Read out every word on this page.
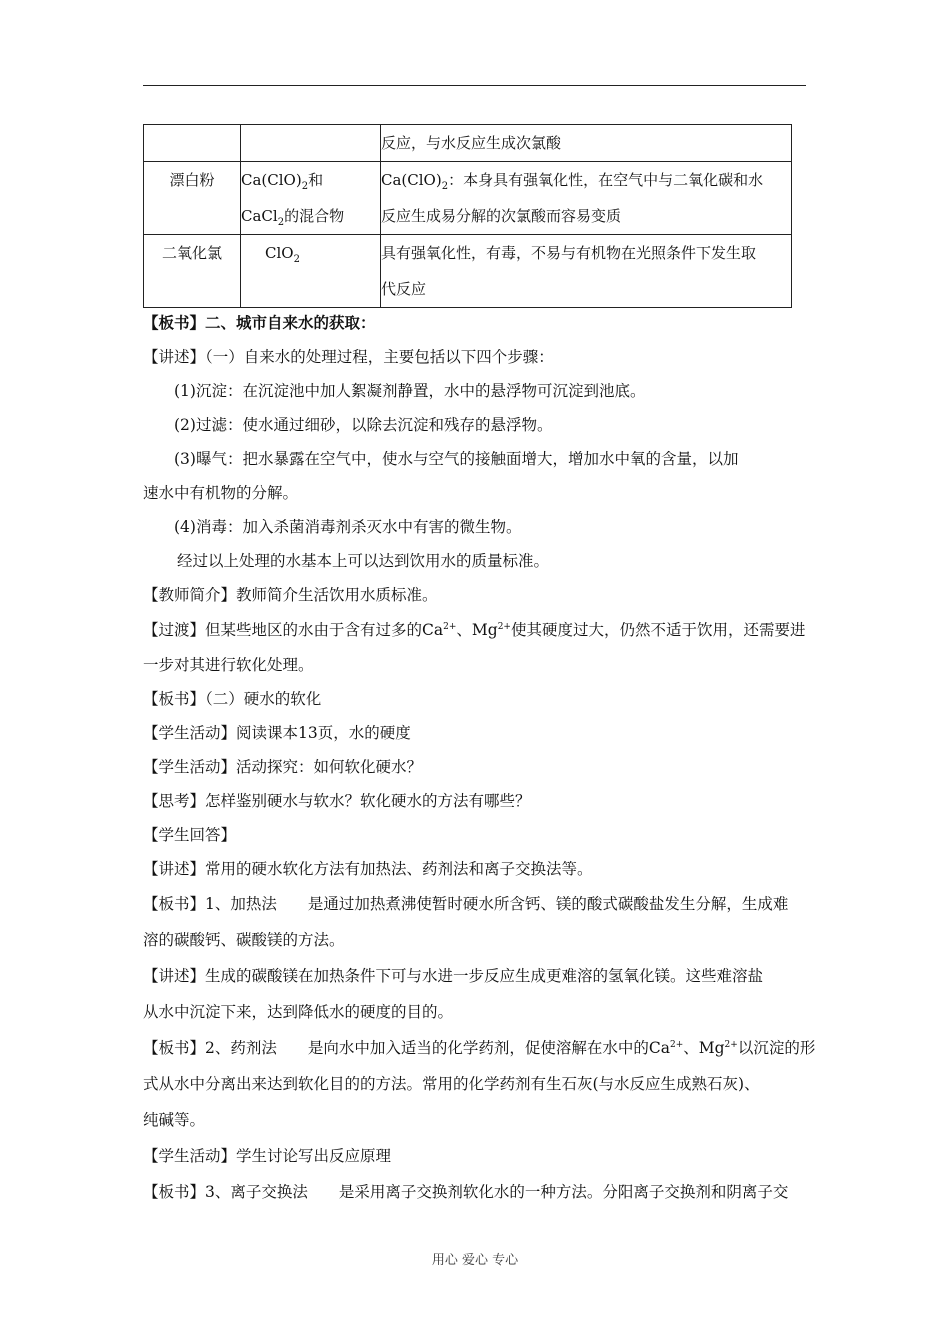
		反应，与水反应生成次氯酸
漂白粉	$Ca(ClO)_2$和
CaCl$_2$的混合物	$Ca(ClO)_2$：本身具有强氧化性，在空气中与二氧化碳和水
反应生成易分解的次氯酸而容易变质
二氧化氯	ClO$_2$	具有强氧化性，有毒，不易与有机物在光照条件下发生取
代反应
【板书】二、城市自来水的获取：
【讲述】（一）自来水的处理过程，主要包括以下四个步骤：
(1)沉淀：在沉淀池中加人絮凝剂静置，水中的悬浮物可沉淀到池底。
(2)过滤：使水通过细砂，以除去沉淀和残存的悬浮物。
(3)曝气：把水暴露在空气中，使水与空气的接触面增大，增加水中氧的含量，以加
速水中有机物的分解。
(4)消毒：加入杀菌消毒剂杀灭水中有害的微生物。
经过以上处理的水基本上可以达到饮用水的质量标准。
【教师简介】教师简介生活饮用水质标准。
【过渡】但某些地区的水由于含有过多的$Ca^{2+}$、$Mg^{2+}$使其硬度过大，仍然不适于饮用，还需要进
一步对其进行软化处理。
【板书】（二）硬水的软化
【学生活动】阅读课本13页，水的硬度
【学生活动】活动探究：如何软化硬水？
【思考】怎样鉴别硬水与软水？软化硬水的方法有哪些？
【学生回答】
【讲述】常用的硬水软化方法有加热法、药剂法和离子交换法等。
【板书】1、加热法　　是通过加热煮沸使暂时硬水所含钙、镁的酸式碳酸盐发生分解，生成难
溶的碳酸钙、碳酸镁的方法。
【讲述】生成的碳酸镁在加热条件下可与水进一步反应生成更难溶的氢氧化镁。这些难溶盐
从水中沉淀下来，达到降低水的硬度的目的。
【板书】2、药剂法　　是向水中加入适当的化学药剂，促使溶解在水中的$Ca^{2+}$、$Mg^{2+}$以沉淀的形
式从水中分离出来达到软化目的的方法。常用的化学药剂有生石灰(与水反应生成熟石灰)、
纯碱等。
【学生活动】学生讨论写出反应原理
【板书】3、离子交换法　　是采用离子交换剂软化水的一种方法。分阳离子交换剂和阴离子交
用心 爱心 专心
